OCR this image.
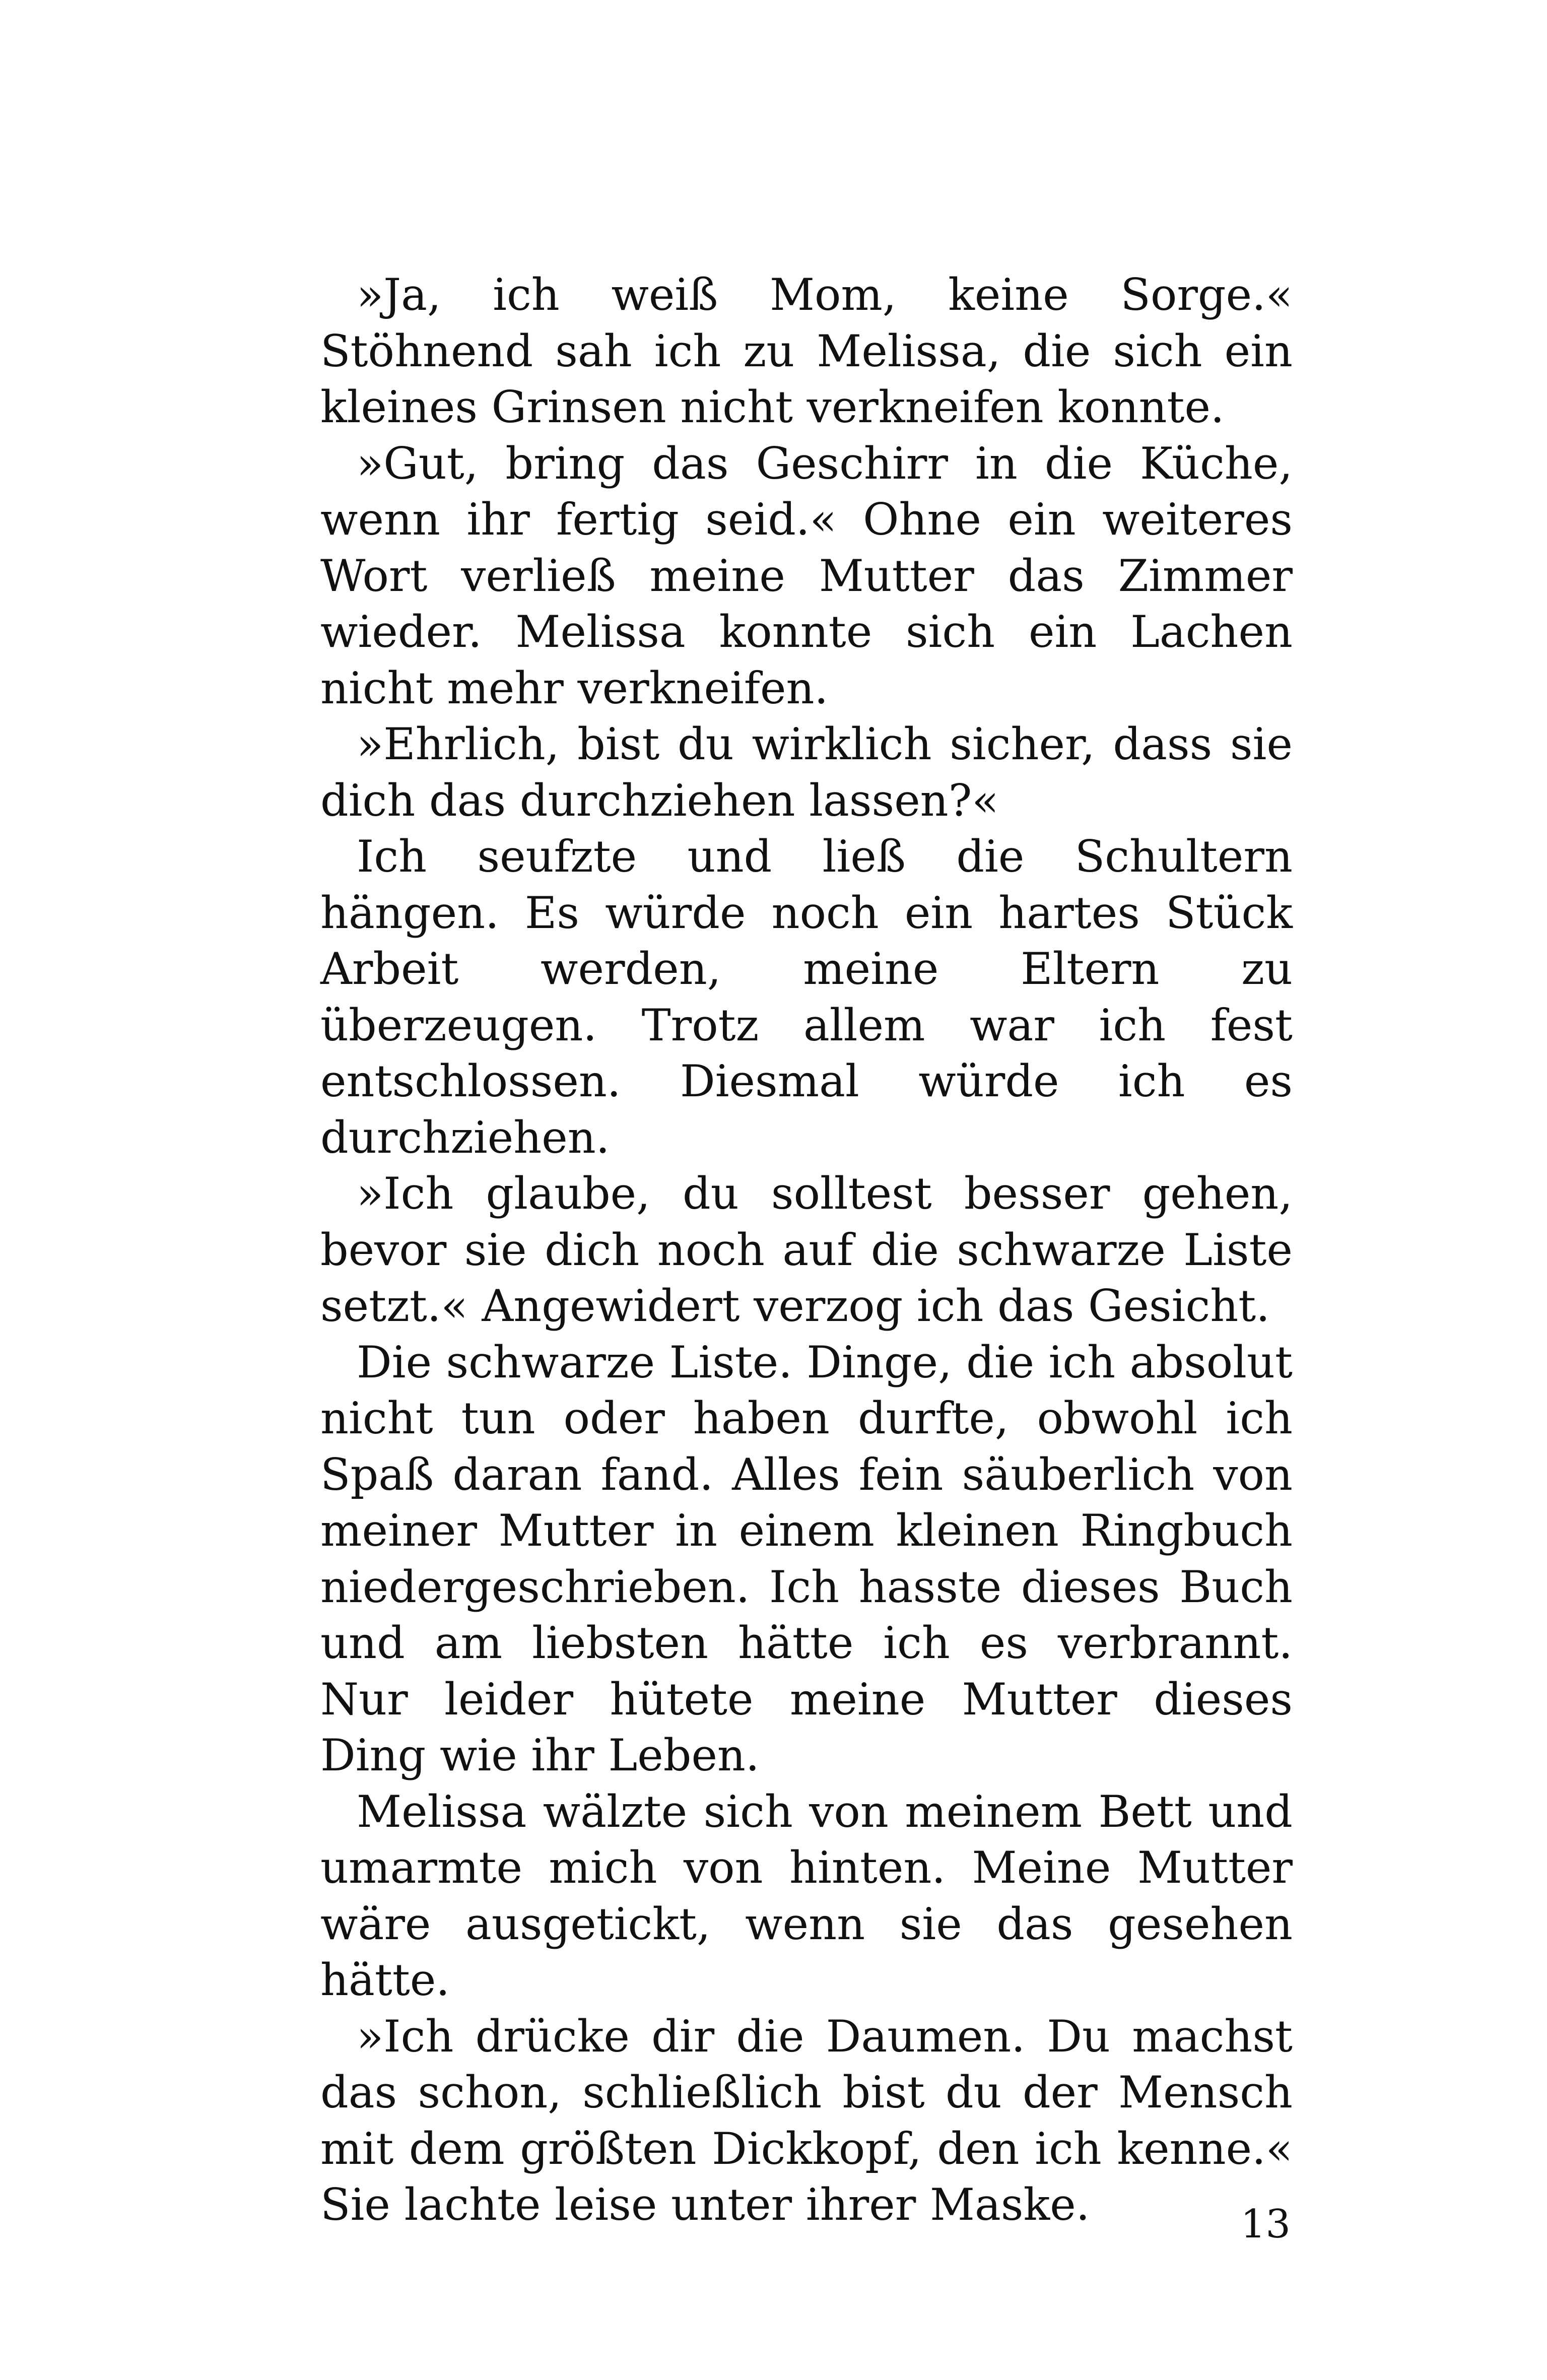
»Ja, ich weiß Mom, keine Sorge.« Stöhnend sah ich zu Melissa, die sich ein kleines Grinsen nicht verkneifen konnte.

»Gut, bring das Geschirr in die Küche, wenn ihr fertig seid.« Ohne ein weiteres Wort verließ meine Mutter das Zimmer wieder. Melissa konnte sich ein Lachen nicht mehr verkneifen.

»Ehrlich, bist du wirklich sicher, dass sie dich das durchziehen lassen?«

Ich seufzte und ließ die Schultern hängen. Es würde noch ein hartes Stück Arbeit werden, meine Eltern zu überzeugen. Trotz allem war ich fest entschlossen. Diesmal würde ich es durchziehen.

»Ich glaube, du solltest besser gehen, bevor sie dich noch auf die schwarze Liste setzt.« Angewidert verzog ich das Gesicht.

Die schwarze Liste. Dinge, die ich absolut nicht tun oder haben durfte, obwohl ich Spaß daran fand. Alles fein säuberlich von meiner Mutter in einem kleinen Ringbuch niedergeschrieben. Ich hasste dieses Buch und am liebsten hätte ich es verbrannt. Nur leider hütete meine Mutter dieses Ding wie ihr Leben.

Melissa wälzte sich von meinem Bett und umarmte mich von hinten. Meine Mutter wäre ausgetickt, wenn sie das gesehen hätte.

»Ich drücke dir die Daumen. Du machst das schon, schließlich bist du der Mensch mit dem größten Dickkopf, den ich kenne.« Sie lachte leise unter ihrer Maske.	13
